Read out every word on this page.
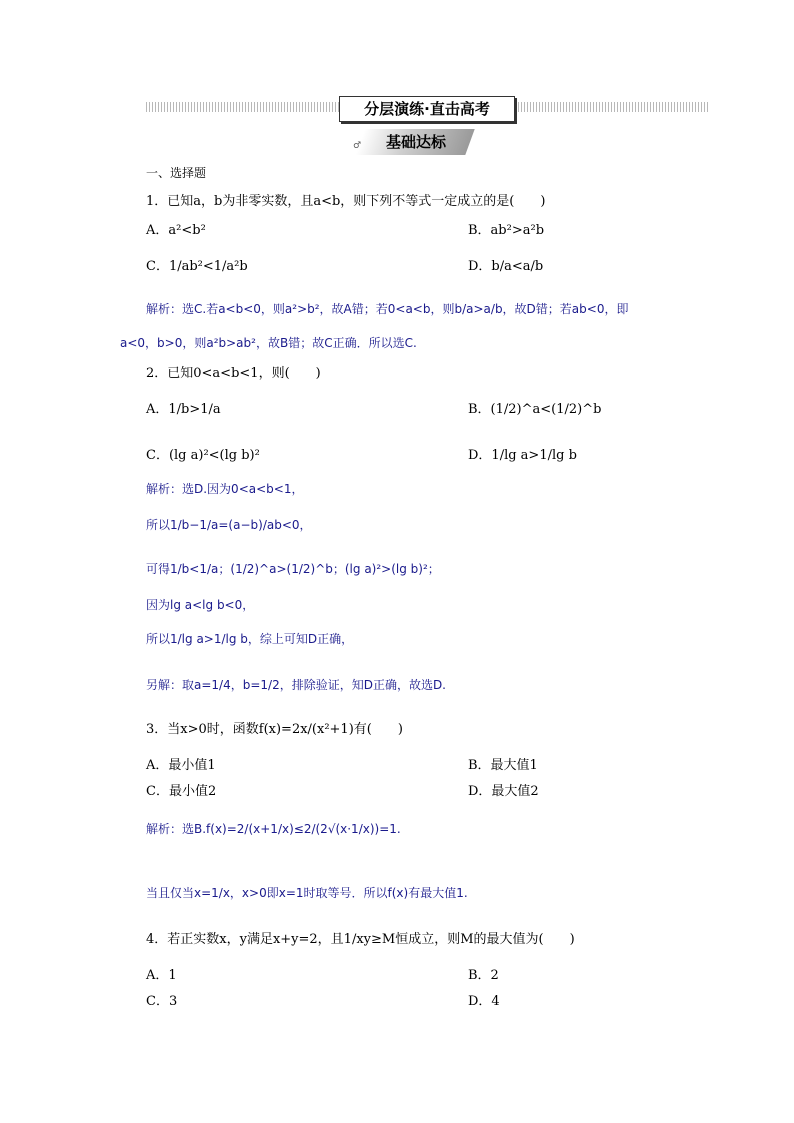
分层演练·直击高考
♂	基础达标
一、选择题
1．已知a，b为非零实数，且a<b，则下列不等式一定成立的是(　　)
A．a²<b²	B．ab²>a²b
C．1/ab²<1/a²b	D．b/a<a/b
解析：选C.若a<b<0，则a²>b²，故A错；若0<a<b，则b/a>a/b，故D错；若ab<0，即
a<0，b>0，则a²b>ab²，故B错；故C正确．所以选C.
2．已知0<a<b<1，则(　　)
A．1/b>1/a	B．(1/2)^a<(1/2)^b
C．(lg a)²<(lg b)²	D．1/lg a>1/lg b
解析：选D.因为0<a<b<1，
所以1/b−1/a=(a−b)/ab<0，
可得1/b<1/a；(1/2)^a>(1/2)^b；(lg a)²>(lg b)²；
因为lg a<lg b<0，
所以1/lg a>1/lg b，综上可知D正确，
另解：取a=1/4，b=1/2，排除验证，知D正确，故选D.
3．当x>0时，函数f(x)=2x/(x²+1)有(　　)
A．最小值1	B．最大值1
C．最小值2	D．最大值2
解析：选B.f(x)=2/(x+1/x)≤2/(2√(x·1/x))=1.
当且仅当x=1/x，x>0即x=1时取等号．所以f(x)有最大值1.
4．若正实数x，y满足x+y=2，且1/xy≥M恒成立，则M的最大值为(　　)
A．1	B．2
C．3	D．4
